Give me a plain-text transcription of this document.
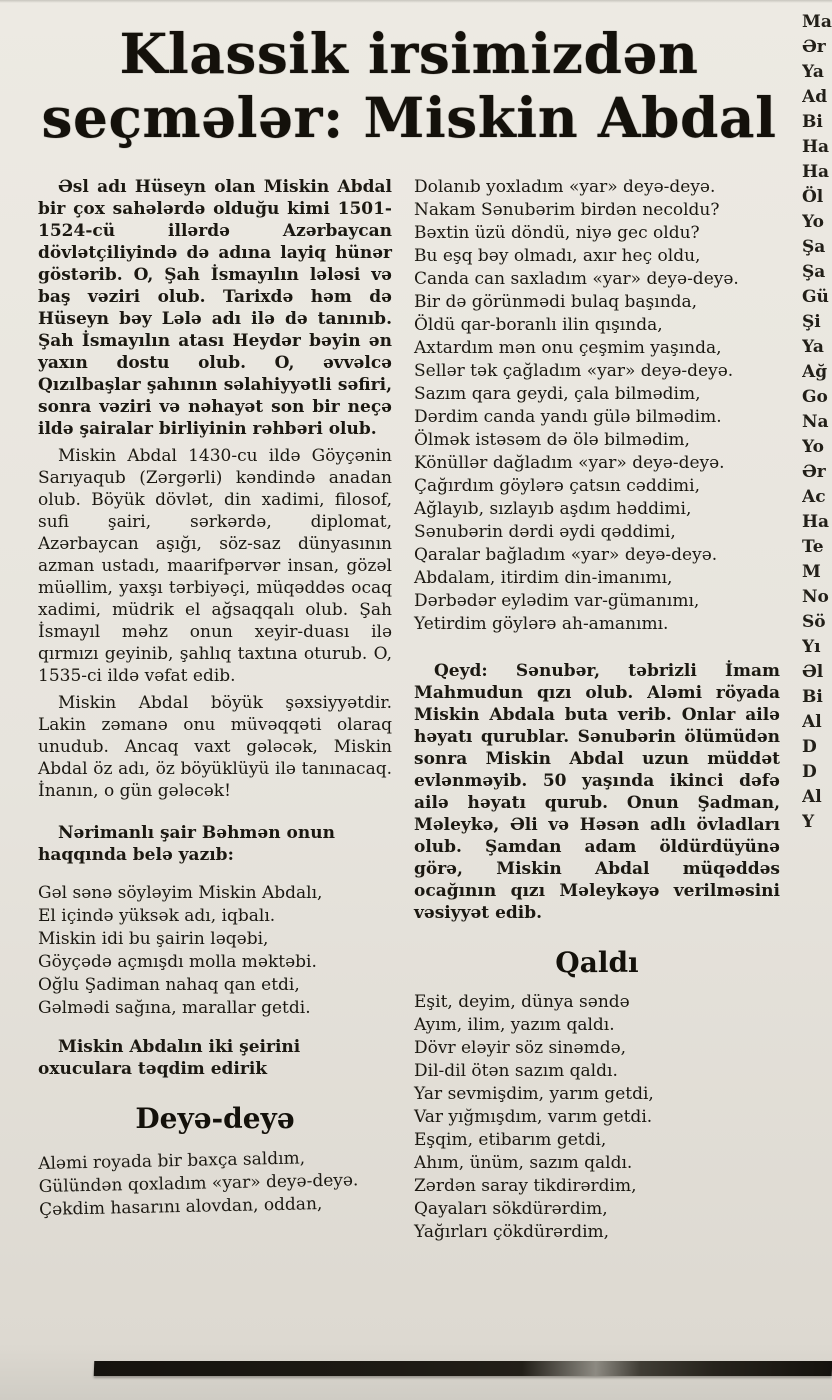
Klassik irsimizdən
seçmələr: Miskin Abdal

Əsl adı Hüseyn olan Miskin Abdal bir çox sahələrdə olduğu kimi 1501-1524-cü illərdə Azərbaycan dövlətçiliyində də adına layiq hünər göstərib. O, Şah İsmayılın lələsi və baş vəziri olub. Tarixdə həm də Hüseyn bəy Lələ adı ilə də tanınıb. Şah İsmayılın atası Heydər bəyin ən yaxın dostu olub. O, əvvəlcə Qızılbaşlar şahının səlahiyyətli səfiri, sonra vəziri və nəhayət son bir neçə ildə şairalar birliyinin rəhbəri olub.

Miskin Abdal 1430-cu ildə Göyçənin Sarıyaqub (Zərgərli) kəndində anadan olub. Böyük dövlət, din xadimi, filosof, sufi şairi, sərkərdə, diplomat, Azərbaycan aşığı, söz-saz dünyasının azman ustadı, maarifpərvər insan, gözəl müəllim, yaxşı tərbiyəçi, müqəddəs ocaq xadimi, müdrik el ağsaqqalı olub. Şah İsmayıl məhz onun xeyir-duası ilə qırmızı geyinib, şahlıq taxtına oturub. O, 1535-ci ildə vəfat edib.

Miskin Abdal böyük şəxsiyyətdir. Lakin zəmanə onu müvəqqəti olaraq unudub. Ancaq vaxt gələcək, Miskin Abdal öz adı, öz böyüklüyü ilə tanınacaq. İnanın, o gün gələcək!

Nərimanlı şair Bəhmən onun haqqında belə yazıb:

Gəl sənə söyləyim Miskin Abdalı,
El içində yüksək adı, iqbalı.
Miskin idi bu şairin ləqəbi,
Göyçədə açmışdı molla məktəbi.
Oğlu Şadiman nahaq qan etdi,
Gəlmədi sağına, marallar getdi.

Miskin Abdalın iki şeirini oxuculara təqdim edirik

Deyə-deyə
Aləmi royada bir baxça saldım,
Gülündən qoxladım «yar» deyə-deyə.
Çəkdim hasarını alovdan, oddan,
Dolanıb yoxladım «yar» deyə-deyə.
Nakam Sənubərim birdən necoldu?
Bəxtin üzü döndü, niyə gec oldu?
Bu eşq bəy olmadı, axır heç oldu,
Canda can saxladım «yar» deyə-deyə.
Bir də görünmədi bulaq başında,
Öldü qar-boranlı ilin qışında,
Axtardım mən onu çeşmim yaşında,
Sellər tək çağladım «yar» deyə-deyə.
Sazım qara geydi, çala bilmədim,
Dərdim canda yandı gülə bilmədim.
Ölmək istəsəm də ölə bilmədim,
Könüllər dağladım «yar» deyə-deyə.
Çağırdım göylərə çatsın cəddimi,
Ağlayıb, sızlayıb aşdım həddimi,
Sənubərin dərdi əydi qəddimi,
Qaralar bağladım «yar» deyə-deyə.
Abdalam, itirdim din-imanımı,
Dərbədər eylədim var-gümanımı,
Yetirdim göylərə ah-amanımı.

Qeyd: Sənubər, təbrizli İmam Mahmudun qızı olub. Aləmi röyada Miskin Abdala buta verib. Onlar ailə həyatı qurublar. Sənubərin ölümüdən sonra Miskin Abdal uzun müddət evlənməyib. 50 yaşında ikinci dəfə ailə həyatı qurub. Onun Şadman, Məleykə, Əli və Həsən adlı övladları olub. Şamdan adam öldürdüyünə görə, Miskin Abdal müqəddəs ocağının qızı Məleykəyə verilməsini vəsiyyət edib.

Qaldı
Eşit, deyim, dünya səndə
Ayım, ilim, yazım qaldı.
Dövr eləyir söz sinəmdə,
Dil-dil ötən sazım qaldı.
Yar sevmişdim, yarım getdi,
Var yığmışdım, varım getdi.
Eşqim, etibarım getdi,
Ahım, ünüm, sazım qaldı.
Zərdən saray tikdirərdim,
Qayaları sökdürərdim,
Yağırları çökdürərdim,
Ma
Ər
Ya
Ad
Bi
Ha
Ha
Öl
Yo
Şa
Şa
Gü
Şi
Ya
Ağ
Go
Na
Yo
Ər
Ac
Ha
Te
M
No
Sö
Yı
Əl
Bi
Al
D
D
Al
Y
